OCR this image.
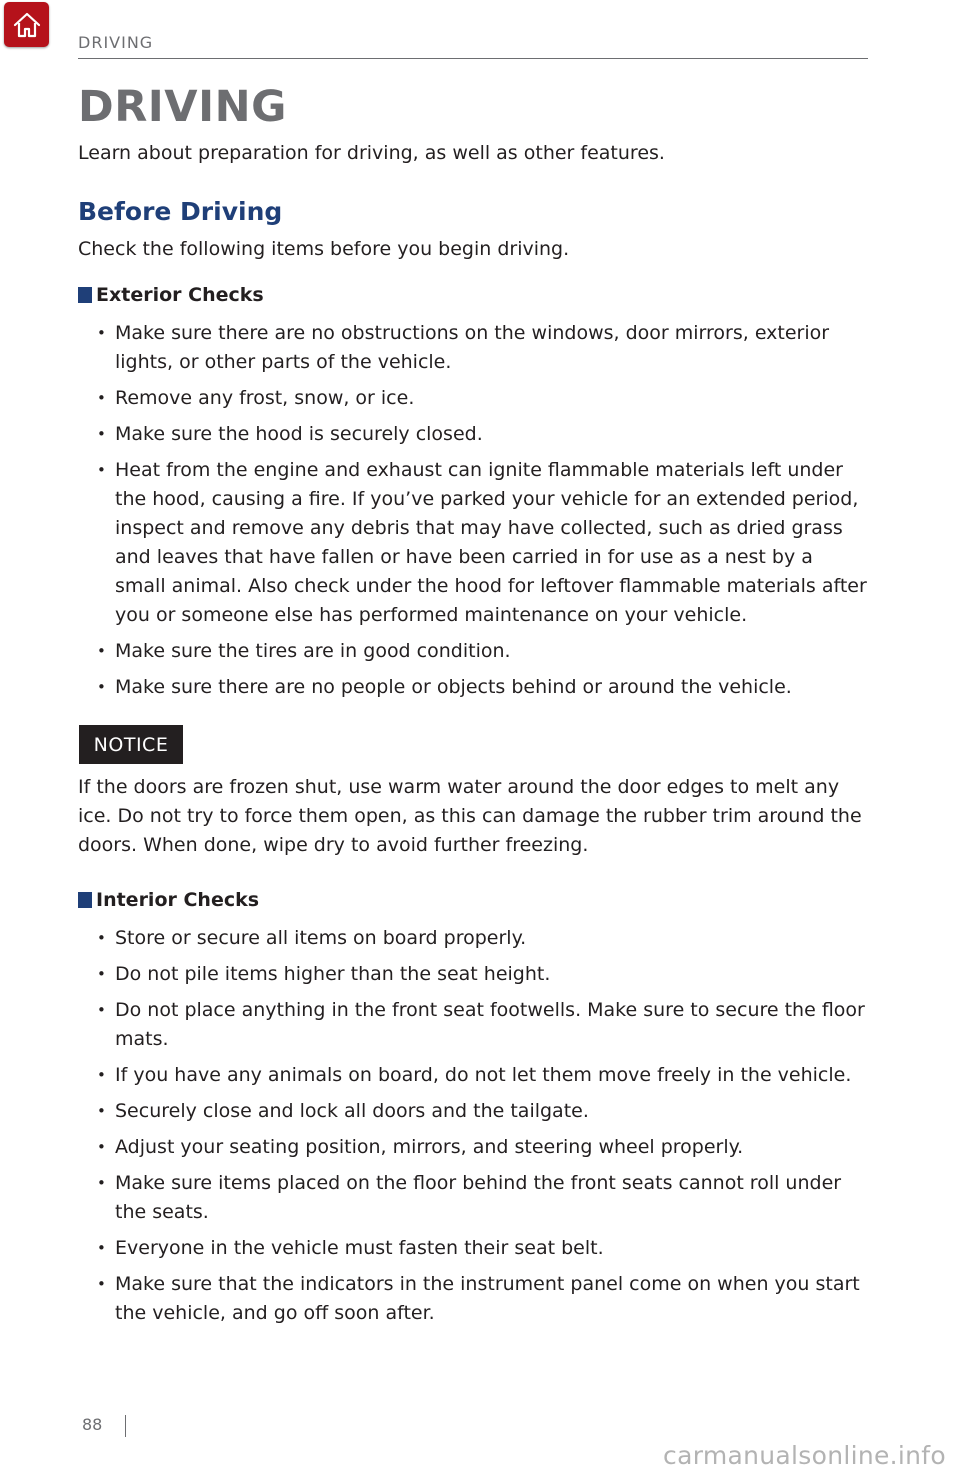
DRIVING
DRIVING
Learn about preparation for driving, as well as other features.
Before Driving
Check the following items before you begin driving.
Exterior Checks
• Make sure there are no obstructions on the windows, door mirrors, exterior lights, or other parts of the vehicle.
• Remove any frost, snow, or ice.
• Make sure the hood is securely closed.
• Heat from the engine and exhaust can ignite flammable materials left under the hood, causing a fire. If you’ve parked your vehicle for an extended period, inspect and remove any debris that may have collected, such as dried grass and leaves that have fallen or have been carried in for use as a nest by a small animal. Also check under the hood for leftover flammable materials after you or someone else has performed maintenance on your vehicle.
• Make sure the tires are in good condition.
• Make sure there are no people or objects behind or around the vehicle.
NOTICE
If the doors are frozen shut, use warm water around the door edges to melt any ice. Do not try to force them open, as this can damage the rubber trim around the doors. When done, wipe dry to avoid further freezing.
Interior Checks
• Store or secure all items on board properly.
• Do not pile items higher than the seat height.
• Do not place anything in the front seat footwells. Make sure to secure the floor mats.
• If you have any animals on board, do not let them move freely in the vehicle.
• Securely close and lock all doors and the tailgate.
• Adjust your seating position, mirrors, and steering wheel properly.
• Make sure items placed on the floor behind the front seats cannot roll under the seats.
• Everyone in the vehicle must fasten their seat belt.
• Make sure that the indicators in the instrument panel come on when you start the vehicle, and go off soon after.
88
carmanualsonline.info
